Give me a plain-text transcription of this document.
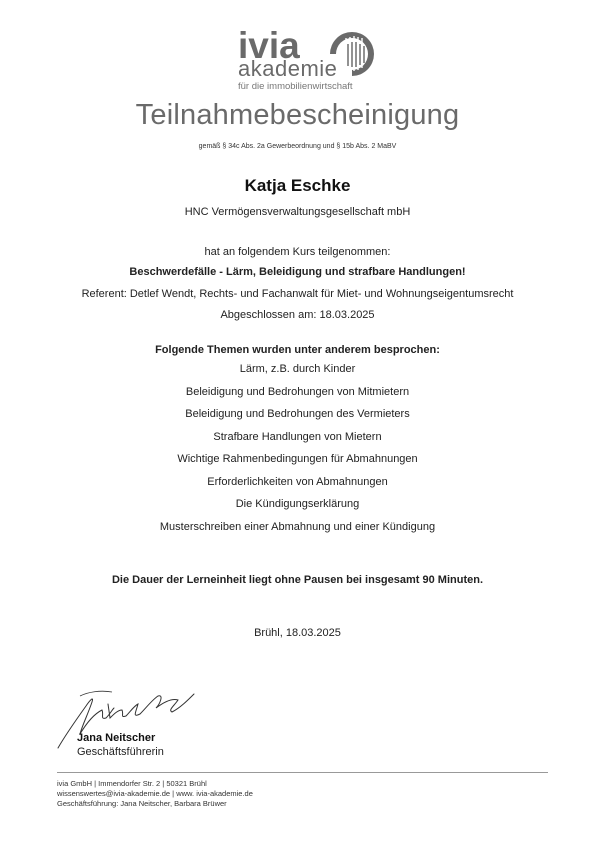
ivia
akademie
für die immobilienwirtschaft
Teilnahmebescheinigung
gemäß § 34c Abs. 2a Gewerbeordnung und § 15b Abs. 2 MaBV
Katja Eschke
HNC Vermögensverwaltungsgesellschaft mbH
hat an folgendem Kurs teilgenommen:
Beschwerdefälle - Lärm, Beleidigung und strafbare Handlungen!
Referent: Detlef Wendt, Rechts- und Fachanwalt für Miet- und Wohnungseigentumsrecht
Abgeschlossen am: 18.03.2025
Folgende Themen wurden unter anderem besprochen:
Lärm, z.B. durch Kinder
Beleidigung und Bedrohungen von Mitmietern
Beleidigung und Bedrohungen des Vermieters
Strafbare Handlungen von Mietern
Wichtige Rahmenbedingungen für Abmahnungen
Erforderlichkeiten von Abmahnungen
Die Kündigungserklärung
Musterschreiben einer Abmahnung und einer Kündigung
Die Dauer der Lerneinheit liegt ohne Pausen bei insgesamt 90 Minuten.
Brühl, 18.03.2025
Jana Neitscher
Geschäftsführerin
ivia GmbH | Immendorfer Str. 2 | 50321 Brühl
wissenswertes@ivia-akademie.de | www. ivia-akademie.de
Geschäftsführung: Jana Neitscher, Barbara Brüwer
